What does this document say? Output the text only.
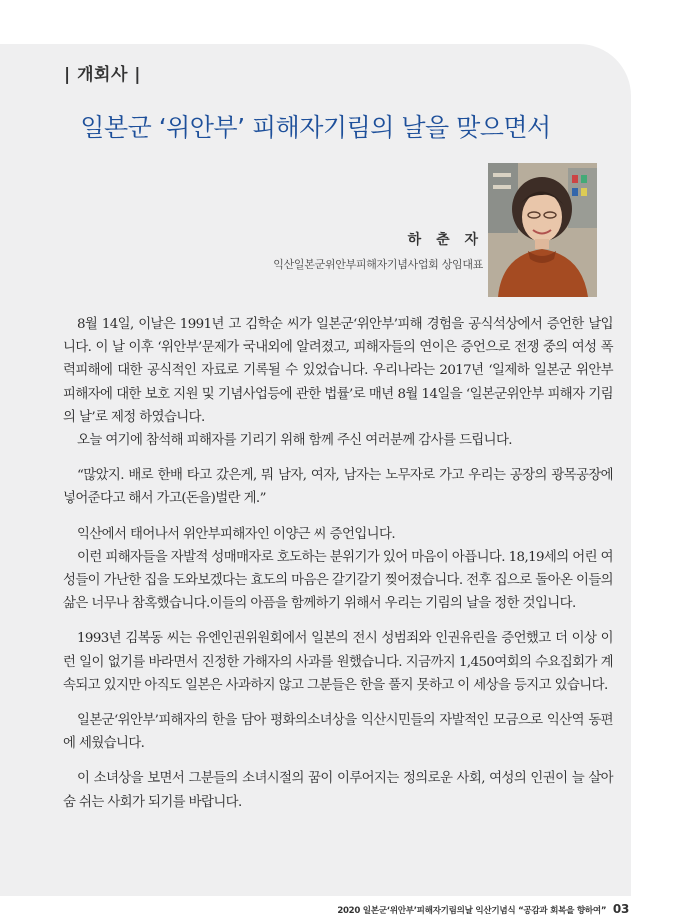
| 개회사 |
일본군 ‘위안부’ 피해자기림의 날을 맞으면서
하 춘 자
익산일본군위안부피해자기념사업회 상임대표

8월 14일, 이날은 1991년 고 김학순 씨가 일본군‘위안부’피해 경험을 공식석상에서 증언한 날입니다. 이 날 이후 ‘위안부’문제가 국내외에 알려졌고, 피해자들의 연이은 증언으로 전쟁 중의 여성 폭력피해에 대한 공식적인 자료로 기록될 수 있었습니다. 우리나라는 2017년 ‘일제하 일본군 위안부 피해자에 대한 보호 지원 및 기념사업등에 관한 법률’로 매년 8월 14일을 ‘일본군위안부 피해자 기림의 날’로 제정 하였습니다.

오늘 여기에 참석해 피해자를 기리기 위해 함께 주신 여러분께 감사를 드립니다.

“많았지. 배로 한배 타고 갔은게, 뭐 남자, 여자, 남자는 노무자로 가고 우리는 공장의 광목공장에 넣어준다고 해서 가고(돈을)벌란 게.”

익산에서 태어나서 위안부피해자인 이양근 씨 증언입니다.

이런 피해자들을 자발적 성매매자로 호도하는 분위기가 있어 마음이 아픕니다. 18,19세의 어린 여성들이 가난한 집을 도와보겠다는 효도의 마음은 갈기갈기 찢어졌습니다. 전후 집으로 돌아온 이들의 삶은 너무나 참혹했습니다.이들의 아픔을 함께하기 위해서 우리는 기림의 날을 정한 것입니다.

1993년 김복동 씨는 유엔인권위원회에서 일본의 전시 성범죄와 인권유린을 증언했고 더 이상 이런 일이 없기를 바라면서 진정한 가해자의 사과를 원했습니다. 지금까지 1,450여회의 수요집회가 계속되고 있지만 아직도 일본은 사과하지 않고 그분들은 한을 풀지 못하고 이 세상을 등지고 있습니다.

일본군‘위안부’피해자의 한을 담아 평화의소녀상을 익산시민들의 자발적인 모금으로 익산역 동편에 세웠습니다.

이 소녀상을 보면서 그분들의 소녀시절의 꿈이 이루어지는 정의로운 사회, 여성의 인권이 늘 살아 숨 쉬는 사회가 되기를 바랍니다.

2020 일본군‘위안부’피해자기림의날 익산기념식 “공감과 회복을 향하여” 03
